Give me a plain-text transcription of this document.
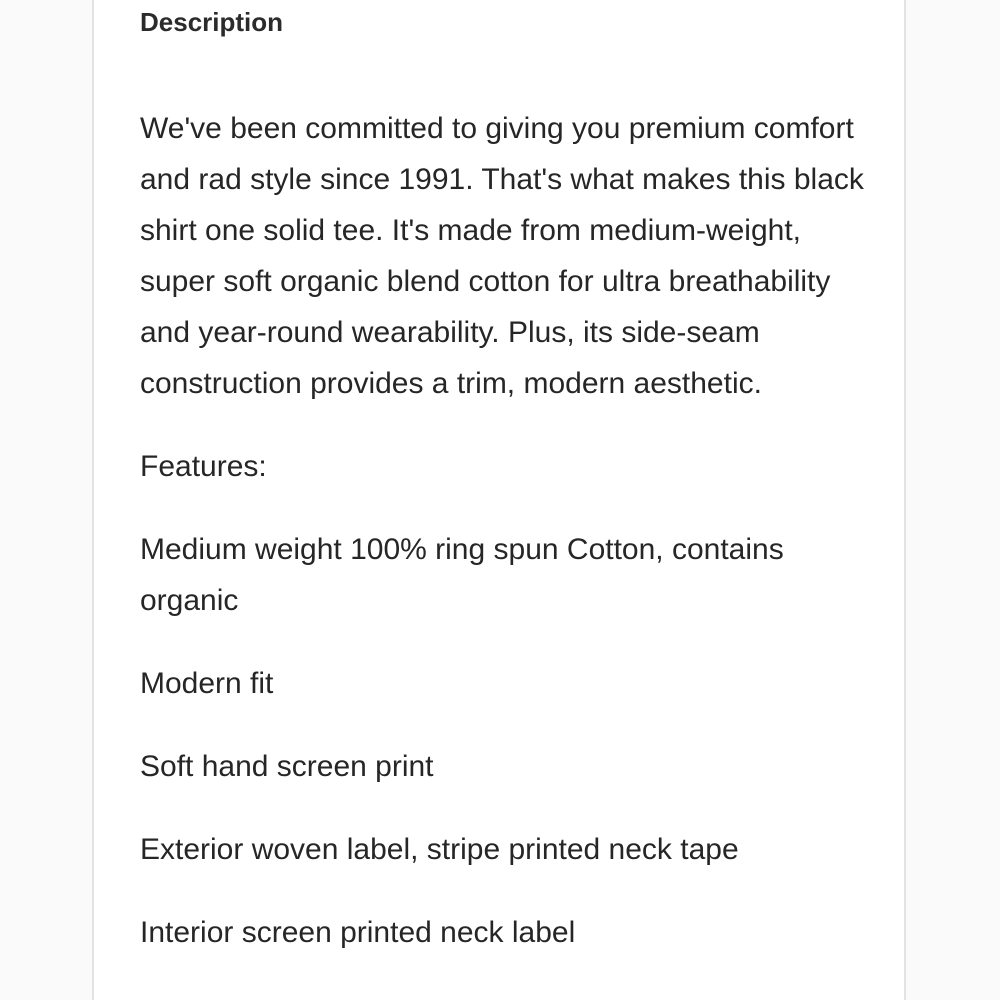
Description

We've been committed to giving you premium comfort and rad style since 1991. That's what makes this black shirt one solid tee. It's made from medium-weight, super soft organic blend cotton for ultra breathability and year-round wearability. Plus, its side-seam construction provides a trim, modern aesthetic.

Features:

Medium weight 100% ring spun Cotton, contains organic
Modern fit
Soft hand screen print
Exterior woven label, stripe printed neck tape
Interior screen printed neck label
